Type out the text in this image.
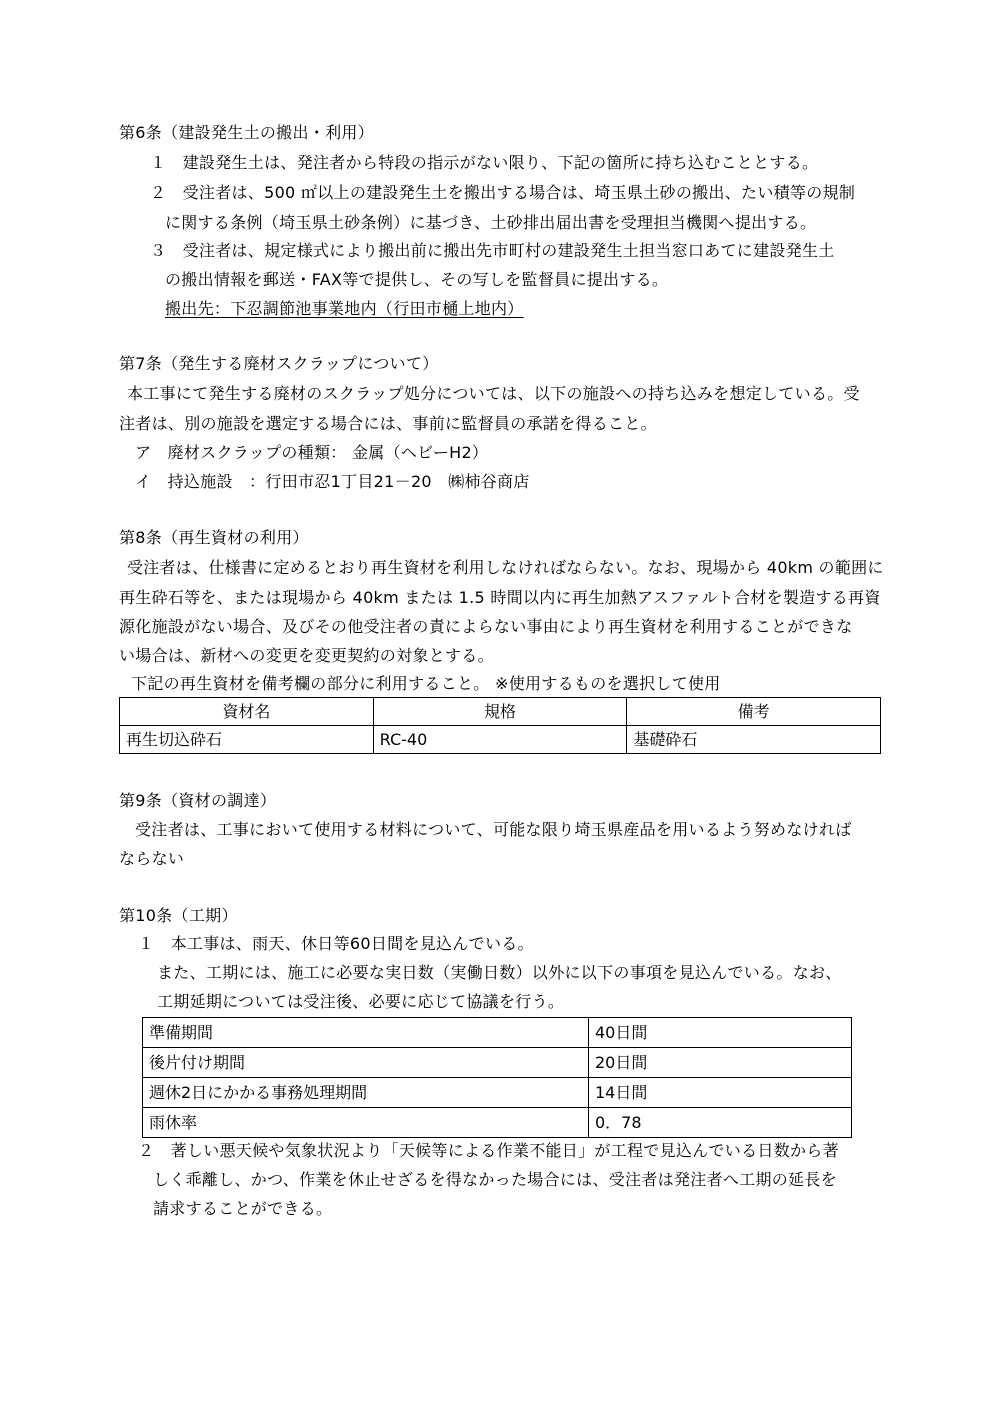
第6条（建設発生土の搬出・利用）
１　建設発生土は、発注者から特段の指示がない限り、下記の箇所に持ち込むこととする。
２　受注者は、500 ㎡以上の建設発生土を搬出する場合は、埼玉県土砂の搬出、たい積等の規制
に関する条例（埼玉県土砂条例）に基づき、土砂排出届出書を受理担当機関へ提出する。
３　受注者は、規定様式により搬出前に搬出先市町村の建設発生土担当窓口あてに建設発生土
の搬出情報を郵送・FAX等で提供し、その写しを監督員に提出する。
搬出先：下忍調節池事業地内（行田市樋上地内）
第7条（発生する廃材スクラップについて）
本工事にて発生する廃材のスクラップ処分については、以下の施設への持ち込みを想定している。受
注者は、別の施設を選定する場合には、事前に監督員の承諾を得ること。
ア　廃材スクラップの種類： 金属（ヘビーH2）
イ　持込施設　：行田市忍1丁目21－20　㈱柿谷商店
第8条（再生資材の利用）
受注者は、仕様書に定めるとおり再生資材を利用しなければならない。なお、現場から 40km の範囲に
再生砕石等を、または現場から 40km または 1.5 時間以内に再生加熱アスファルト合材を製造する再資
源化施設がない場合、及びその他受注者の責によらない事由により再生資材を利用することができな
い場合は、新材への変更を変更契約の対象とする。
下記の再生資材を備考欄の部分に利用すること。 ※使用するものを選択して使用
資材名	規格	備考
再生切込砕石	RC-40	基礎砕石
第9条（資材の調達）
受注者は、工事において使用する材料について、可能な限り埼玉県産品を用いるよう努めなければ
ならない
第10条（工期）
１　本工事は、雨天、休日等60日間を見込んでいる。
また、工期には、施工に必要な実日数（実働日数）以外に以下の事項を見込んでいる。なお、
工期延期については受注後、必要に応じて協議を行う。
準備期間	40日間
後片付け期間	20日間
週休2日にかかる事務処理期間	14日間
雨休率	0．78
２　著しい悪天候や気象状況より「天候等による作業不能日」が工程で見込んでいる日数から著
しく乖離し、かつ、作業を休止せざるを得なかった場合には、受注者は発注者へ工期の延長を
請求することができる。
